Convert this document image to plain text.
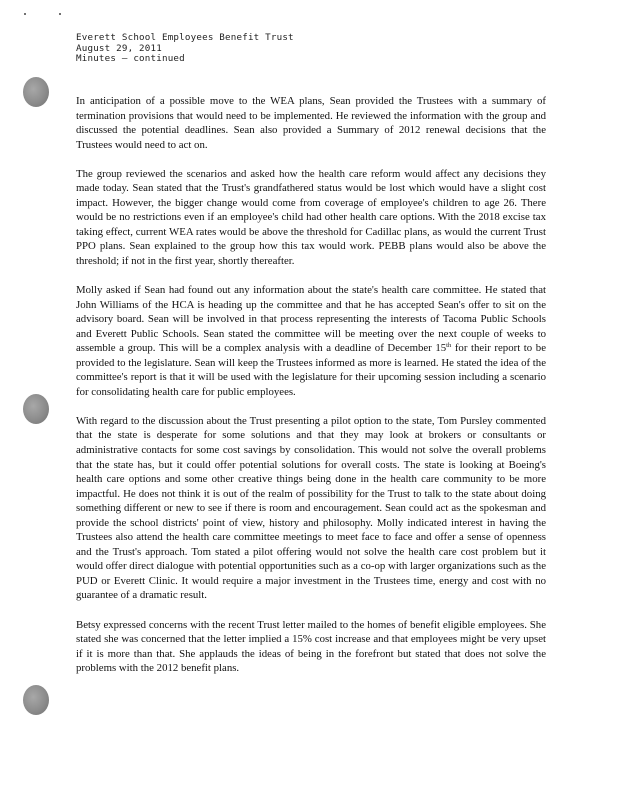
Everett School Employees Benefit Trust
August 29, 2011
Minutes – continued

In anticipation of a possible move to the WEA plans, Sean provided the Trustees with a summary of termination provisions that would need to be implemented. He reviewed the information with the group and discussed the potential deadlines. Sean also provided a Summary of 2012 renewal decisions that the Trustees would need to act on.

The group reviewed the scenarios and asked how the health care reform would affect any decisions they made today. Sean stated that the Trust's grandfathered status would be lost which would have a slight cost impact. However, the bigger change would come from coverage of employee's children to age 26. There would be no restrictions even if an employee's child had other health care options. With the 2018 excise tax taking effect, current WEA rates would be above the threshold for Cadillac plans, as would the current Trust PPO plans. Sean explained to the group how this tax would work. PEBB plans would also be above the threshold; if not in the first year, shortly thereafter.

Molly asked if Sean had found out any information about the state's health care committee. He stated that John Williams of the HCA is heading up the committee and that he has accepted Sean's offer to sit on the advisory board. Sean will be involved in that process representing the interests of Tacoma Public Schools and Everett Public Schools. Sean stated the committee will be meeting over the next couple of weeks to assemble a group. This will be a complex analysis with a deadline of December 15th for their report to be provided to the legislature. Sean will keep the Trustees informed as more is learned. He stated the idea of the committee's report is that it will be used with the legislature for their upcoming session including a scenario for consolidating health care for public employees.

With regard to the discussion about the Trust presenting a pilot option to the state, Tom Pursley commented that the state is desperate for some solutions and that they may look at brokers or consultants or administrative contacts for some cost savings by consolidation. This would not solve the overall problems that the state has, but it could offer potential solutions for overall costs. The state is looking at Boeing's health care options and some other creative things being done in the health care community to be more impactful. He does not think it is out of the realm of possibility for the Trust to talk to the state about doing something different or new to see if there is room and encouragement. Sean could act as the spokesman and provide the school districts' point of view, history and philosophy. Molly indicated interest in having the Trustees also attend the health care committee meetings to meet face to face and offer a sense of openness and the Trust's approach. Tom stated a pilot offering would not solve the health care cost problem but it would offer direct dialogue with potential opportunities such as a co-op with larger organizations such as the PUD or Everett Clinic. It would require a major investment in the Trustees time, energy and cost with no guarantee of a dramatic result.

Betsy expressed concerns with the recent Trust letter mailed to the homes of benefit eligible employees. She stated she was concerned that the letter implied a 15% cost increase and that employees might be very upset if it is more than that. She applauds the ideas of being in the forefront but stated that does not solve the problems with the 2012 benefit plans.
